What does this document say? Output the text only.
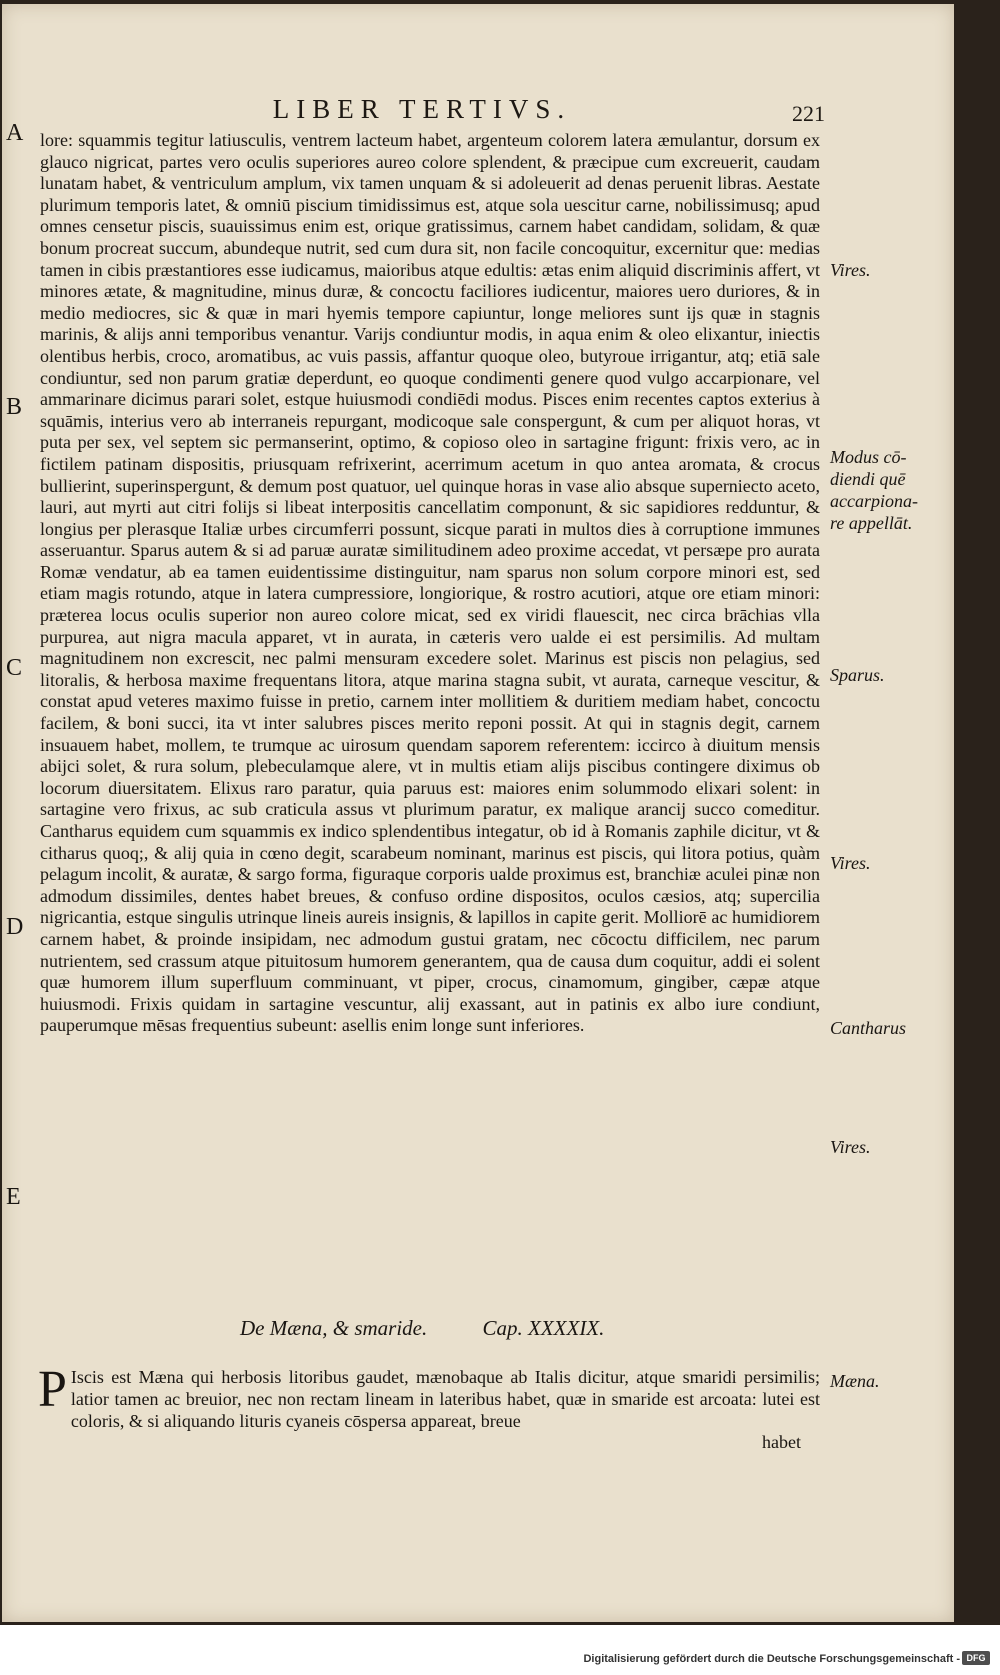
LIBER TERTIVS.	221
A
B
C
D
E

lore: squammis tegitur latiusculis, ventrem lacteum habet, argenteum colorem latera æmulantur, dorsum ex glauco nigricat, partes vero oculis superiores aureo colore splendent, & præcipue cum excreuerit, caudam lunatam habet, & ventriculum amplum, vix tamen unquam & si adoleuerit ad denas peruenit libras. Aestate plurimum temporis latet, & omniū piscium timidissimus est, atque sola uescitur carne, nobilissimusq; apud omnes censetur piscis, suauissimus enim est, orique gratissimus, carnem habet candidam, solidam, & quæ bonum procreat succum, abundeque nutrit, sed cum dura sit, non facile concoquitur, excernitur que: medias tamen in cibis præstantiores esse iudicamus, maioribus atque edultis: ætas enim aliquid discriminis affert, vt minores ætate, & magnitudine, minus duræ, & concoctu faciliores iudicentur, maiores uero duriores, & in medio mediocres, sic & quæ in mari hyemis tempore capiuntur, longe meliores sunt ijs quæ in stagnis marinis, & alijs anni temporibus venantur. Varijs condiuntur modis, in aqua enim & oleo elixantur, iniectis olentibus herbis, croco, aromatibus, ac vuis passis, affantur quoque oleo, butyroue irrigantur, atq; etiā sale condiuntur, sed non parum gratiæ deperdunt, eo quoque condimenti genere quod vulgo accarpionare, vel ammarinare dicimus parari solet, estque huiusmodi condiēdi modus. Pisces enim recentes captos exterius à squāmis, interius vero ab interraneis repurgant, modicoque sale conspergunt, & cum per aliquot horas, vt puta per sex, vel septem sic permanserint, optimo, & copioso oleo in sartagine frigunt: frixis vero, ac in fictilem patinam dispositis, priusquam refrixerint, acerrimum acetum in quo antea aromata, & crocus bullierint, superinspergunt, & demum post quatuor, uel quinque horas in vase alio absque superniecto aceto, lauri, aut myrti aut citri folijs si libeat interpositis cancellatim componunt, & sic sapidiores redduntur, & longius per plerasque Italiæ urbes circumferri possunt, sicque parati in multos dies à corruptione immunes asseruantur. Sparus autem & si ad paruæ auratæ similitudinem adeo proxime accedat, vt persæpe pro aurata Romæ vendatur, ab ea tamen euidentissime distinguitur, nam sparus non solum corpore minori est, sed etiam magis rotundo, atque in latera cumpressiore, longiorique, & rostro acutiori, atque ore etiam minori: præterea locus oculis superior non aureo colore micat, sed ex viridi flauescit, nec circa brāchias vlla purpurea, aut nigra macula apparet, vt in aurata, in cæteris vero ualde ei est persimilis. Ad multam magnitudinem non excrescit, nec palmi mensuram excedere solet. Marinus est piscis non pelagius, sed litoralis, & herbosa maxime frequentans litora, atque marina stagna subit, vt aurata, carneque vescitur, & constat apud veteres maximo fuisse in pretio, carnem inter mollitiem & duritiem mediam habet, concoctu facilem, & boni succi, ita vt inter salubres pisces merito reponi possit. At qui in stagnis degit, carnem insuauem habet, mollem, te trumque ac uirosum quendam saporem referentem: iccirco à diuitum mensis abijci solet, & rura solum, plebeculamque alere, vt in multis etiam alijs piscibus contingere diximus ob locorum diuersitatem. Elixus raro paratur, quia paruus est: maiores enim solummodo elixari solent: in sartagine vero frixus, ac sub craticula assus vt plurimum paratur, ex malique arancij succo comeditur. Cantharus equidem cum squammis ex indico splendentibus integatur, ob id à Romanis zaphile dicitur, vt & citharus quoq;, & alij quia in cœno degit, scarabeum nominant, marinus est piscis, qui litora potius, quàm pelagum incolit, & auratæ, & sargo forma, figuraque corporis ualde proximus est, branchiæ aculei pinæ non admodum dissimiles, dentes habet breues, & confuso ordine dispositos, oculos cæsios, atq; supercilia nigricantia, estque singulis utrinque lineis aureis insignis, & lapillos in capite gerit. Molliorē ac humidiorem carnem habet, & proinde insipidam, nec admodum gustui gratam, nec cōcoctu difficilem, nec parum nutrientem, sed crassum atque pituitosum humorem generantem, qua de causa dum coquitur, addi ei solent quæ humorem illum superfluum comminuant, vt piper, crocus, cinamomum, gingiber, cæpæ atque huiusmodi. Frixis quidam in sartagine vescuntur, alij exassant, aut in patinis ex albo iure condiunt, pauperumque mēsas frequentius subeunt: asellis enim longe sunt inferiores.

Vires.
Modus cō-
diendi quē
accarpiona-
re appellāt.
Sparus.
Vires.
Cantharus
Vires.
De Mæna, & smaride.	Cap. XXXXIX.
Mæna.
P Iscis est Mæna qui herbosis litoribus gaudet, mænobaque ab Italis dicitur, atque smaridi persimilis; latior tamen ac breuior, nec non rectam lineam in lateribus habet, quæ in smaride est arcoata: lutei est coloris, & si aliquando lituris cyaneis cōspersa appareat, breue
habet
Digitalisierung gefördert durch die Deutsche Forschungsgemeinschaft - DFG
